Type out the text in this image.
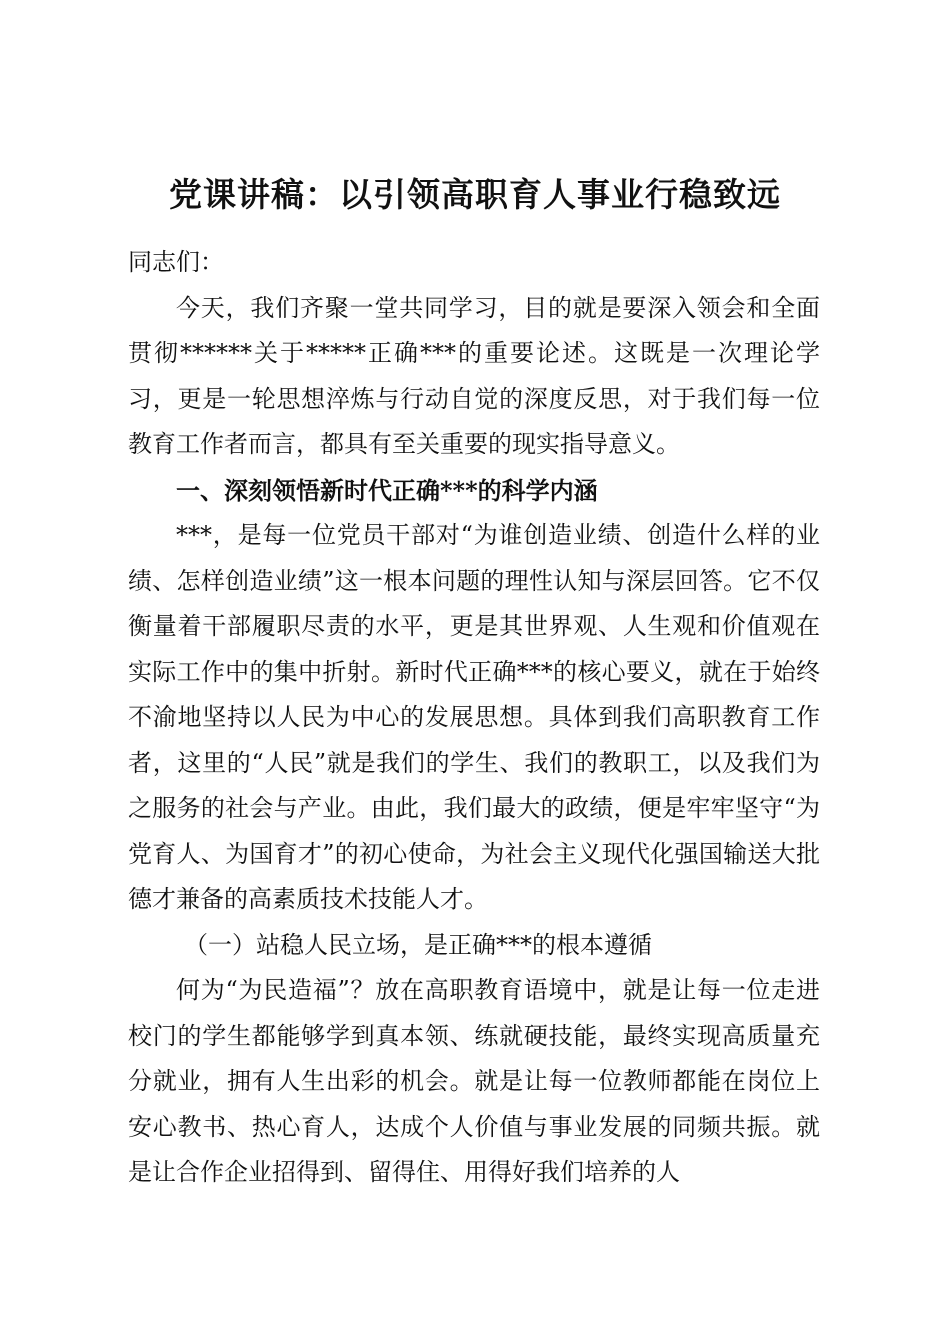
党课讲稿：以引领高职育人事业行稳致远

同志们：

今天，我们齐聚一堂共同学习，目的就是要深入领会和全面贯彻******关于*****正确***的重要论述。这既是一次理论学习，更是一轮思想淬炼与行动自觉的深度反思，对于我们每一位教育工作者而言，都具有至关重要的现实指导意义。

一、深刻领悟新时代正确***的科学内涵

***，是每一位党员干部对“为谁创造业绩、创造什么样的业绩、怎样创造业绩”这一根本问题的理性认知与深层回答。它不仅衡量着干部履职尽责的水平，更是其世界观、人生观和价值观在实际工作中的集中折射。新时代正确***的核心要义，就在于始终不渝地坚持以人民为中心的发展思想。具体到我们高职教育工作者，这里的“人民”就是我们的学生、我们的教职工，以及我们为之服务的社会与产业。由此，我们最大的政绩，便是牢牢坚守“为党育人、为国育才”的初心使命，为社会主义现代化强国输送大批德才兼备的高素质技术技能人才。

（一）站稳人民立场，是正确***的根本遵循

何为“为民造福”？放在高职教育语境中，就是让每一位走进校门的学生都能够学到真本领、练就硬技能，最终实现高质量充分就业，拥有人生出彩的机会。就是让每一位教师都能在岗位上安心教书、热心育人，达成个人价值与事业发展的同频共振。就是让合作企业招得到、留得住、用得好我们培养的人
